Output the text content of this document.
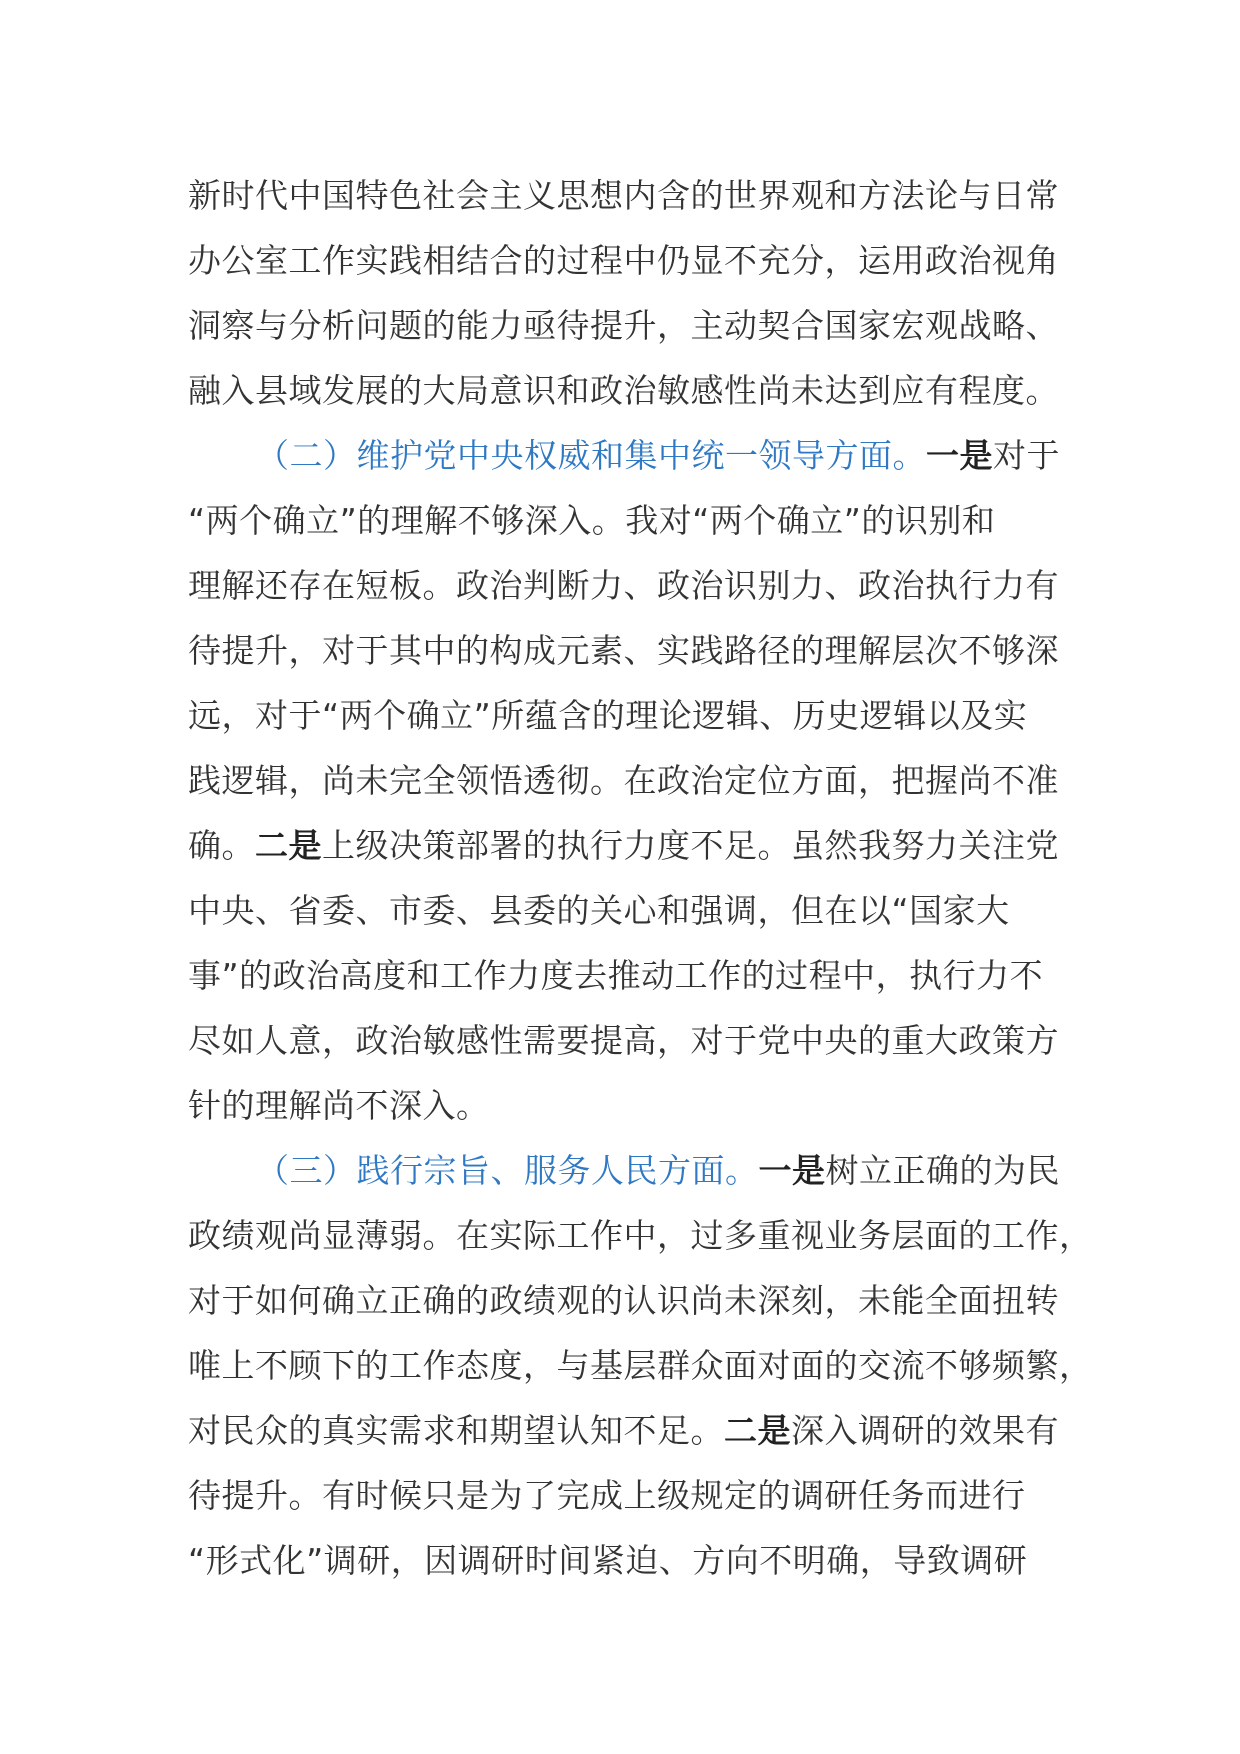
新时代中国特色社会主义思想内含的世界观和方法论与日常
办公室工作实践相结合的过程中仍显不充分，运用政治视角
洞察与分析问题的能力亟待提升，主动契合国家宏观战略、
融入县域发展的大局意识和政治敏感性尚未达到应有程度。
（二）维护党中央权威和集中统一领导方面。一是对于
“两个确立”的理解不够深入。我对“两个确立”的识别和
理解还存在短板。政治判断力、政治识别力、政治执行力有
待提升，对于其中的构成元素、实践路径的理解层次不够深
远，对于“两个确立”所蕴含的理论逻辑、历史逻辑以及实
践逻辑，尚未完全领悟透彻。在政治定位方面，把握尚不准
确。二是上级决策部署的执行力度不足。虽然我努力关注党
中央、省委、市委、县委的关心和强调，但在以“国家大
事”的政治高度和工作力度去推动工作的过程中，执行力不
尽如人意，政治敏感性需要提高，对于党中央的重大政策方
针的理解尚不深入。
（三）践行宗旨、服务人民方面。一是树立正确的为民
政绩观尚显薄弱。在实际工作中，过多重视业务层面的工作，
对于如何确立正确的政绩观的认识尚未深刻，未能全面扭转
唯上不顾下的工作态度，与基层群众面对面的交流不够频繁，
对民众的真实需求和期望认知不足。二是深入调研的效果有
待提升。有时候只是为了完成上级规定的调研任务而进行
“形式化”调研，因调研时间紧迫、方向不明确，导致调研
